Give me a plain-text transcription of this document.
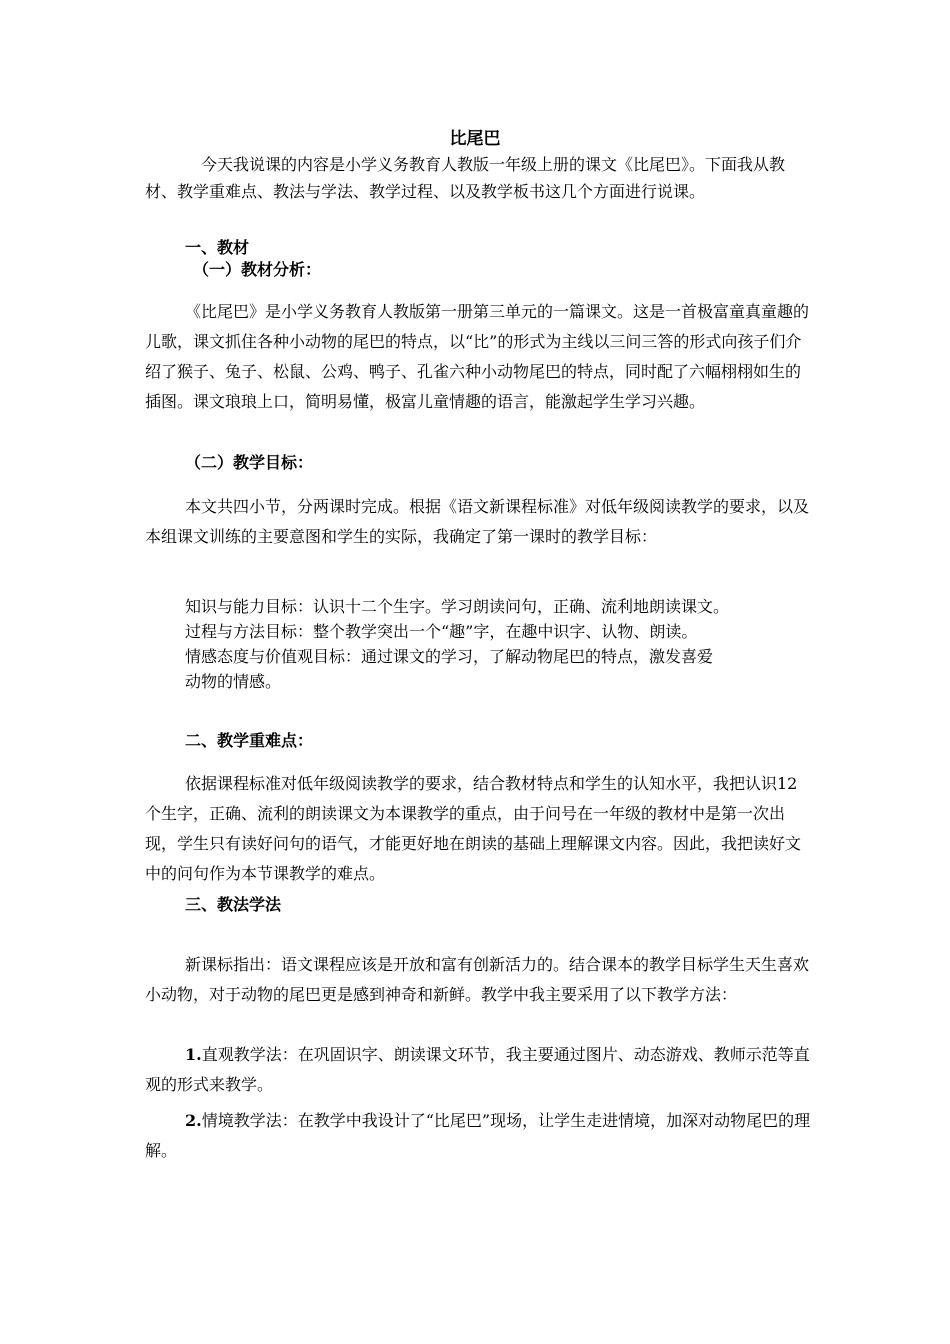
比尾巴
今天我说课的内容是小学义务教育人教版一年级上册的课文《比尾巴》。下面我从教材、教学重难点、教法与学法、教学过程、以及教学板书这几个方面进行说课。
一、教材
（一）教材分析：
《比尾巴》是小学义务教育人教版第一册第三单元的一篇课文。这是一首极富童真童趣的儿歌，课文抓住各种小动物的尾巴的特点，以“比”的形式为主线以三问三答的形式向孩子们介绍了猴子、兔子、松鼠、公鸡、鸭子、孔雀六种小动物尾巴的特点，同时配了六幅栩栩如生的插图。课文琅琅上口，简明易懂，极富儿童情趣的语言，能激起学生学习兴趣。
（二）教学目标：
本文共四小节，分两课时完成。根据《语文新课程标准》对低年级阅读教学的要求，以及本组课文训练的主要意图和学生的实际，我确定了第一课时的教学目标：
知识与能力目标：认识十二个生字。学习朗读问句，正确、流利地朗读课文。
过程与方法目标：整个教学突出一个“趣”字，在趣中识字、认物、朗读。
情感态度与价值观目标：通过课文的学习，了解动物尾巴的特点，激发喜爱
动物的情感。
二、教学重难点：
依据课程标准对低年级阅读教学的要求，结合教材特点和学生的认知水平，我把认识12个生字，正确、流利的朗读课文为本课教学的重点，由于问号在一年级的教材中是第一次出现，学生只有读好问句的语气，才能更好地在朗读的基础上理解课文内容。因此，我把读好文中的问句作为本节课教学的难点。
三、教法学法
新课标指出：语文课程应该是开放和富有创新活力的。结合课本的教学目标学生天生喜欢小动物，对于动物的尾巴更是感到神奇和新鲜。教学中我主要采用了以下教学方法：
1.直观教学法：在巩固识字、朗读课文环节，我主要通过图片、动态游戏、教师示范等直观的形式来教学。
2.情境教学法：在教学中我设计了“比尾巴”现场，让学生走进情境，加深对动物尾巴的理解。
